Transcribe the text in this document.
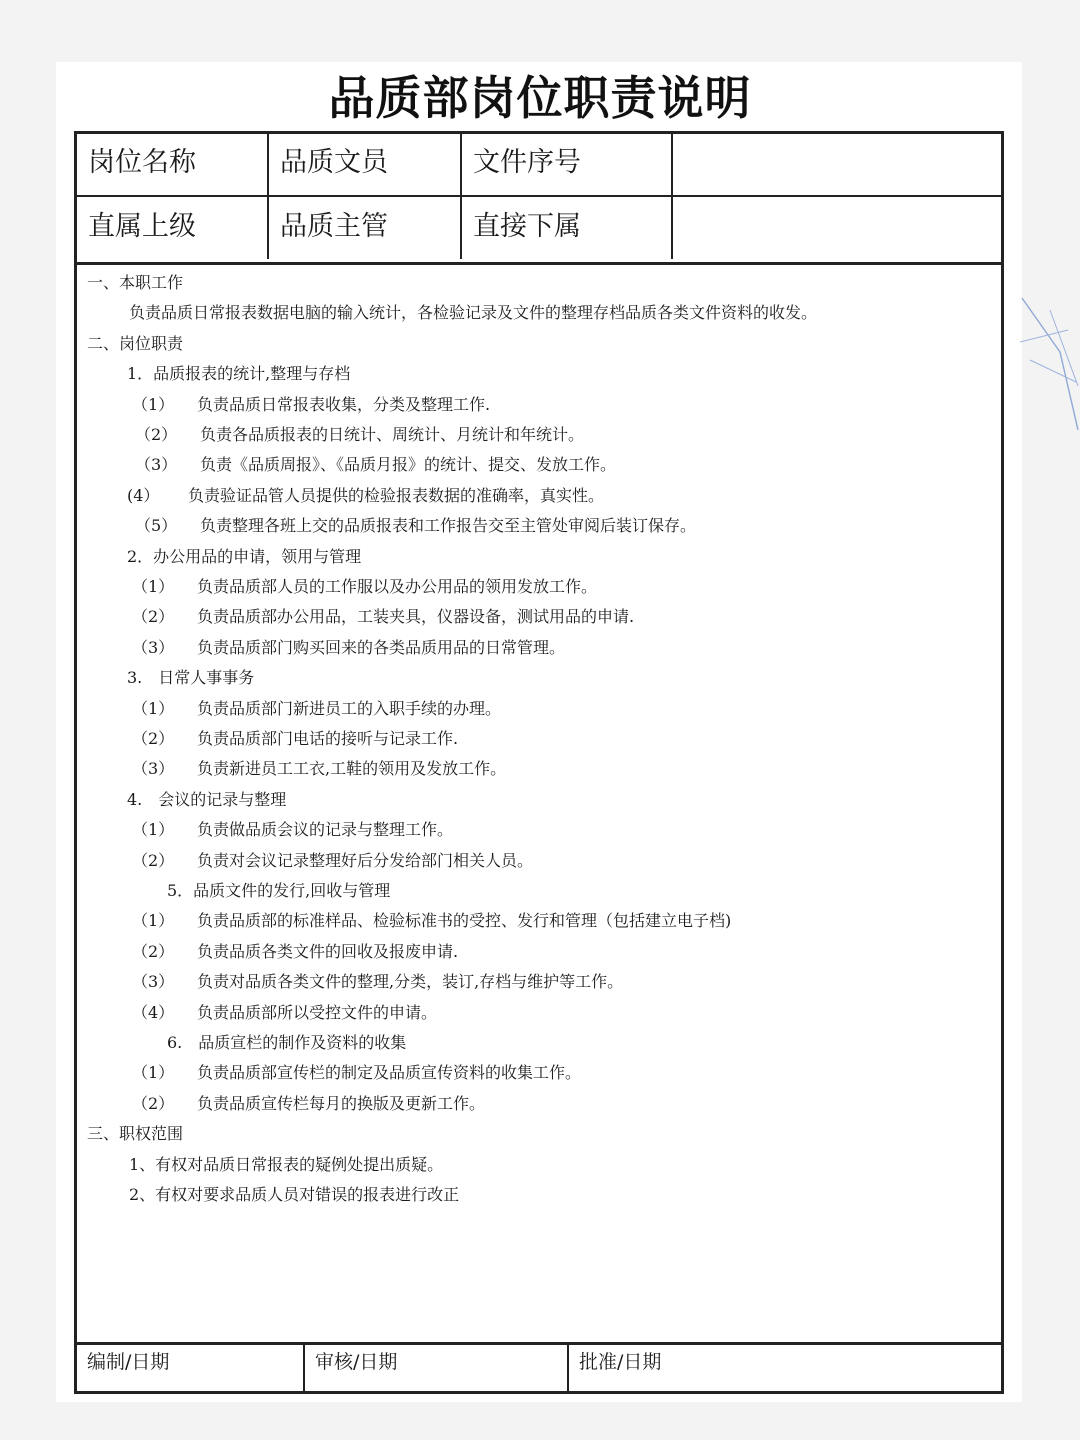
品质部岗位职责说明
岗位名称	品质文员	文件序号
直属上级	品质主管	直接下属
一、本职工作
负责品质日常报表数据电脑的输入统计，各检验记录及文件的整理存档品质各类文件资料的收发。
二、岗位职责
1．品质报表的统计,整理与存档
（1） 负责品质日常报表收集，分类及整理工作.
（2） 负责各品质报表的日统计、周统计、月统计和年统计。
（3） 负责《品质周报》、《品质月报》的统计、提交、发放工作。
(4） 负责验证品管人员提供的检验报表数据的准确率，真实性。
（5） 负责整理各班上交的品质报表和工作报告交至主管处审阅后装订保存。
2．办公用品的申请，领用与管理
（1） 负责品质部人员的工作服以及办公用品的领用发放工作。
（2） 负责品质部办公用品，工装夹具，仪器设备，测试用品的申请.
（3） 负责品质部门购买回来的各类品质用品的日常管理。
3.　日常人事事务
（1） 负责品质部门新进员工的入职手续的办理。
（2） 负责品质部门电话的接听与记录工作.
（3） 负责新进员工工衣,工鞋的领用及发放工作。
4.　会议的记录与整理
（1） 负责做品质会议的记录与整理工作。
（2） 负责对会议记录整理好后分发给部门相关人员。
5．品质文件的发行,回收与管理
（1） 负责品质部的标准样品、检验标准书的受控、发行和管理（包括建立电子档)
（2） 负责品质各类文件的回收及报废申请.
（3） 负责对品质各类文件的整理,分类，装订,存档与维护等工作。
（4） 负责品质部所以受控文件的申请。
6.　品质宣栏的制作及资料的收集
（1） 负责品质部宣传栏的制定及品质宣传资料的收集工作。
（2） 负责品质宣传栏每月的换版及更新工作。
三、职权范围
1、有权对品质日常报表的疑例处提出质疑。
2、有权对要求品质人员对错误的报表进行改正
编制/日期	审核/日期	批准/日期
